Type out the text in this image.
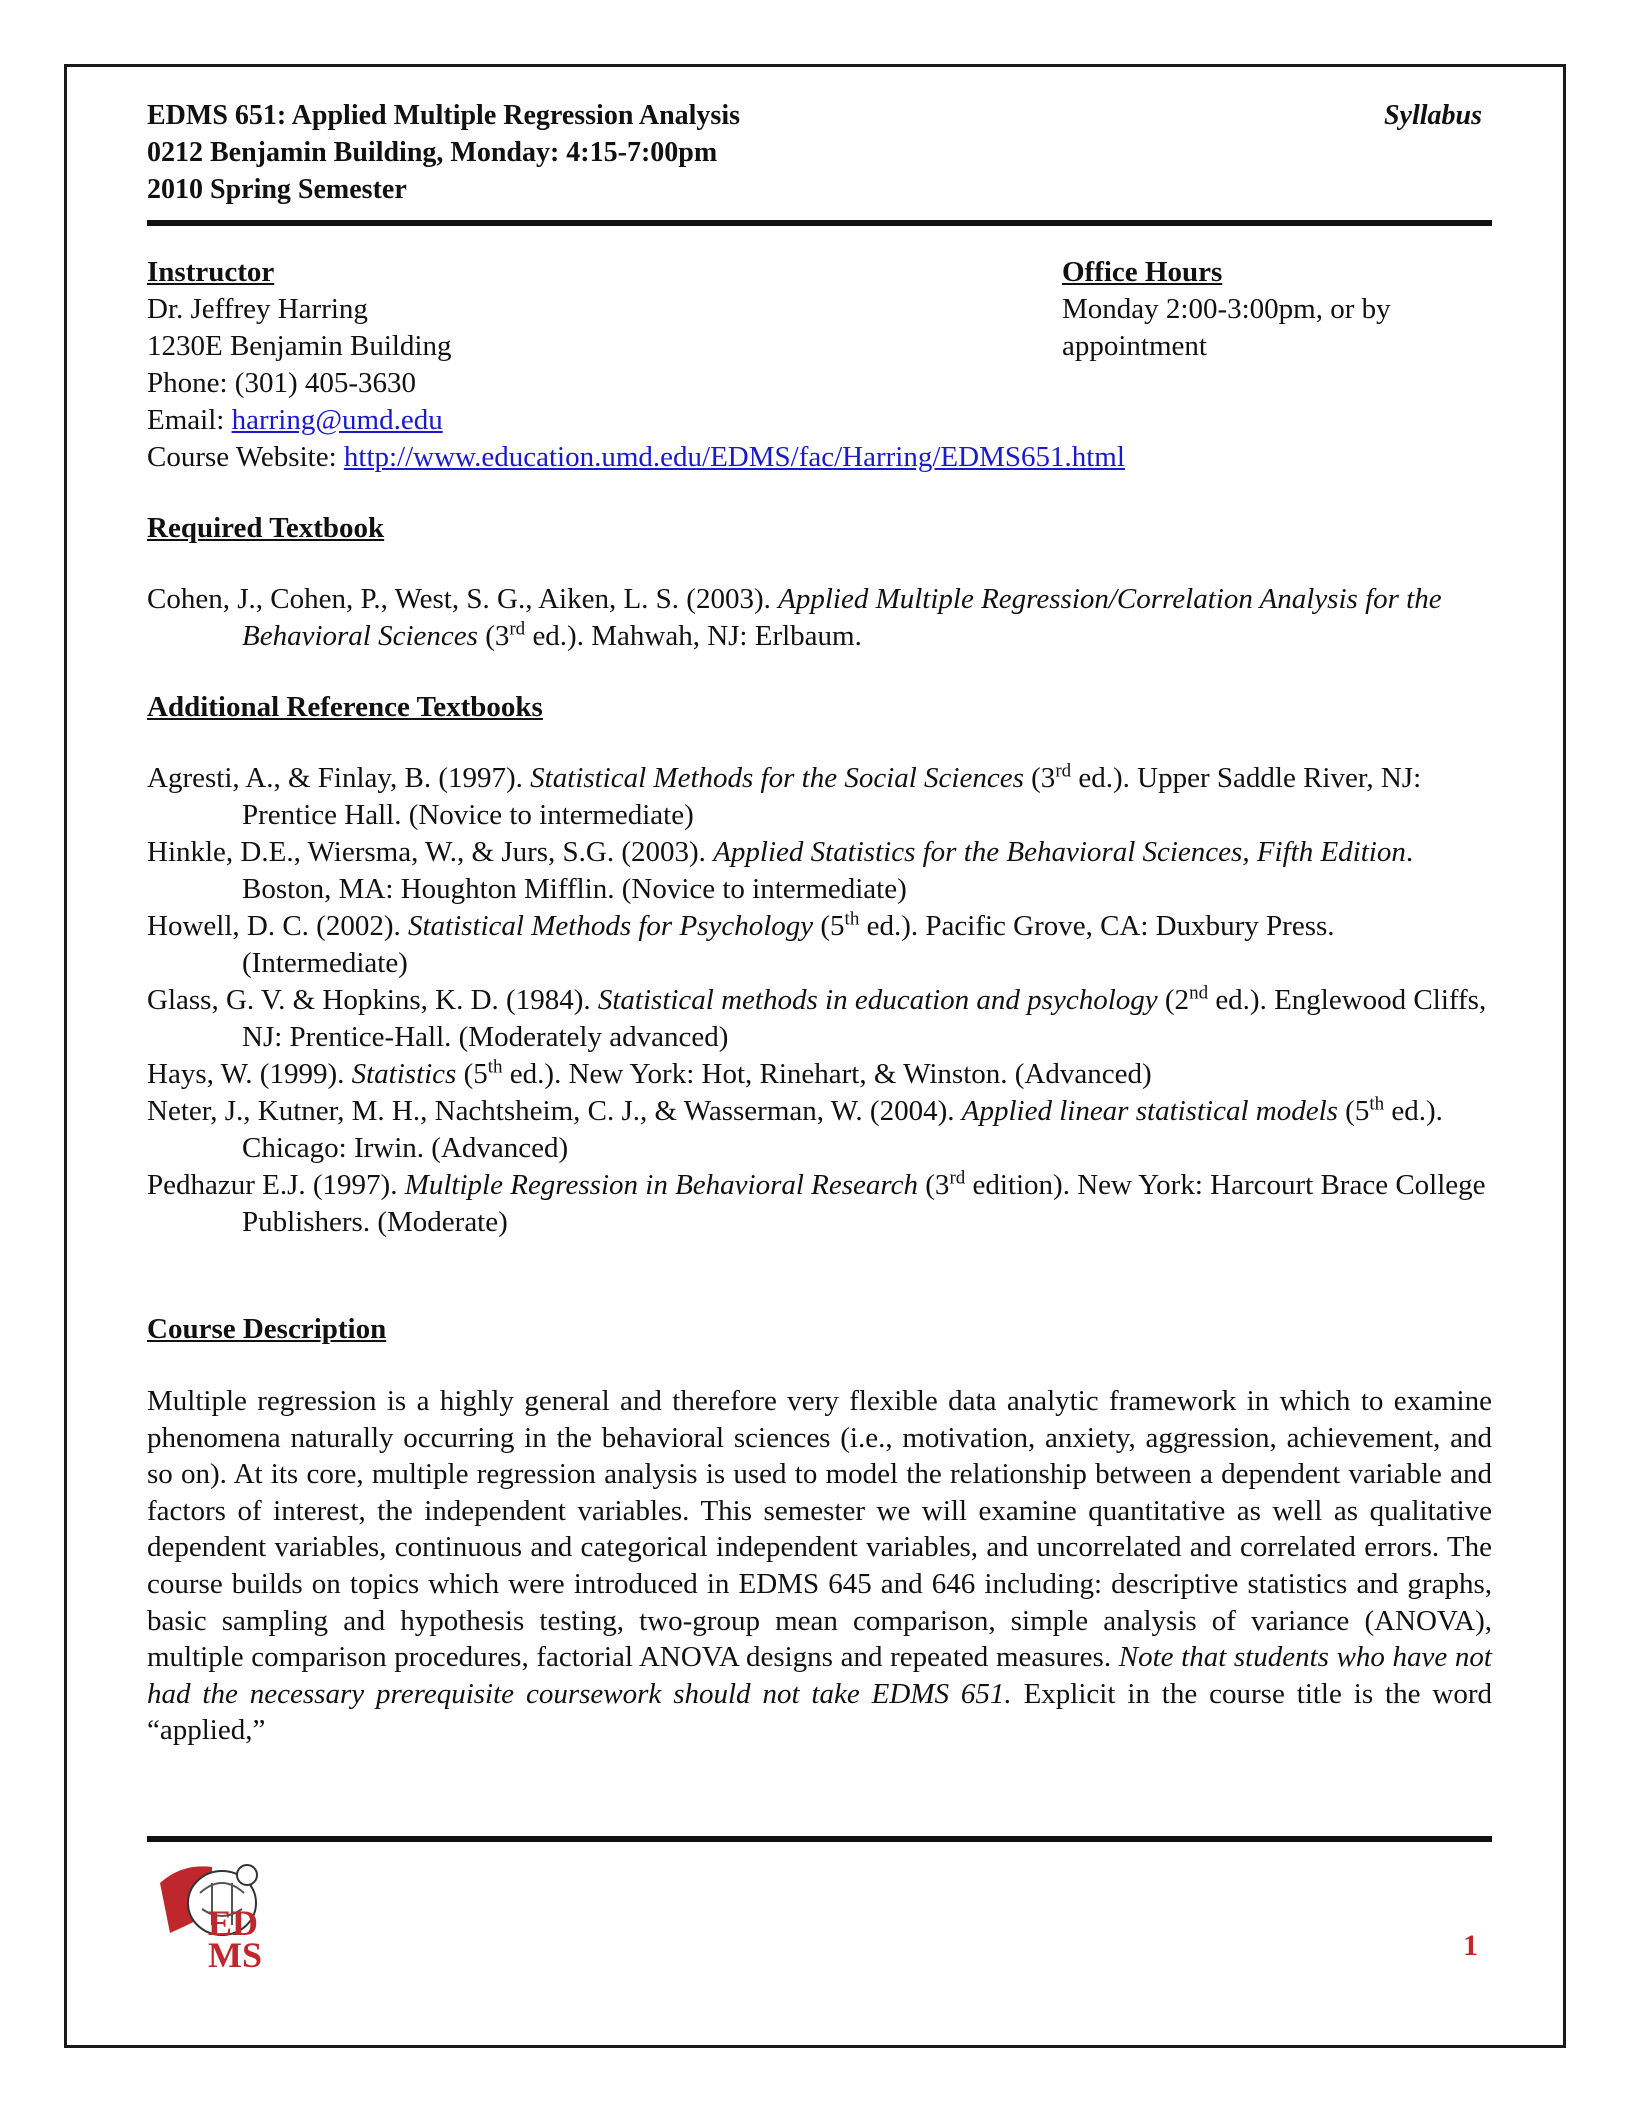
EDMS 651: Applied Multiple Regression Analysis
0212 Benjamin Building, Monday: 4:15-7:00pm
2010 Spring Semester
Syllabus
Instructor
Dr. Jeffrey Harring
1230E Benjamin Building
Phone: (301) 405-3630
Email: harring@umd.edu
Course Website: http://www.education.umd.edu/EDMS/fac/Harring/EDMS651.html
Office Hours
Monday 2:00-3:00pm, or by
appointment
Required Textbook
Cohen, J., Cohen, P., West, S. G., Aiken, L. S. (2003). Applied Multiple Regression/Correlation Analysis for the Behavioral Sciences (3rd ed.). Mahwah, NJ: Erlbaum.
Additional Reference Textbooks
Agresti, A., & Finlay, B. (1997). Statistical Methods for the Social Sciences (3rd ed.). Upper Saddle River, NJ: Prentice Hall. (Novice to intermediate)
Hinkle, D.E., Wiersma, W., & Jurs, S.G. (2003). Applied Statistics for the Behavioral Sciences, Fifth Edition. Boston, MA: Houghton Mifflin. (Novice to intermediate)
Howell, D. C. (2002). Statistical Methods for Psychology (5th ed.). Pacific Grove, CA: Duxbury Press. (Intermediate)
Glass, G. V. & Hopkins, K. D. (1984). Statistical methods in education and psychology (2nd ed.). Englewood Cliffs, NJ: Prentice-Hall. (Moderately advanced)
Hays, W. (1999). Statistics (5th ed.). New York: Hot, Rinehart, & Winston. (Advanced)
Neter, J., Kutner, M. H., Nachtsheim, C. J., & Wasserman, W. (2004). Applied linear statistical models (5th ed.). Chicago: Irwin. (Advanced)
Pedhazur E.J. (1997). Multiple Regression in Behavioral Research (3rd edition). New York: Harcourt Brace College Publishers. (Moderate)
Course Description
Multiple regression is a highly general and therefore very flexible data analytic framework in which to examine phenomena naturally occurring in the behavioral sciences (i.e., motivation, anxiety, aggression, achievement, and so on). At its core, multiple regression analysis is used to model the relationship between a dependent variable and factors of interest, the independent variables. This semester we will examine quantitative as well as qualitative dependent variables, continuous and categorical independent variables, and uncorrelated and correlated errors. The course builds on topics which were introduced in EDMS 645 and 646 including: descriptive statistics and graphs, basic sampling and hypothesis testing, two-group mean comparison, simple analysis of variance (ANOVA), multiple comparison procedures, factorial ANOVA designs and repeated measures. Note that students who have not had the necessary prerequisite coursework should not take EDMS 651. Explicit in the course title is the word “applied,”
ED
MS	1
